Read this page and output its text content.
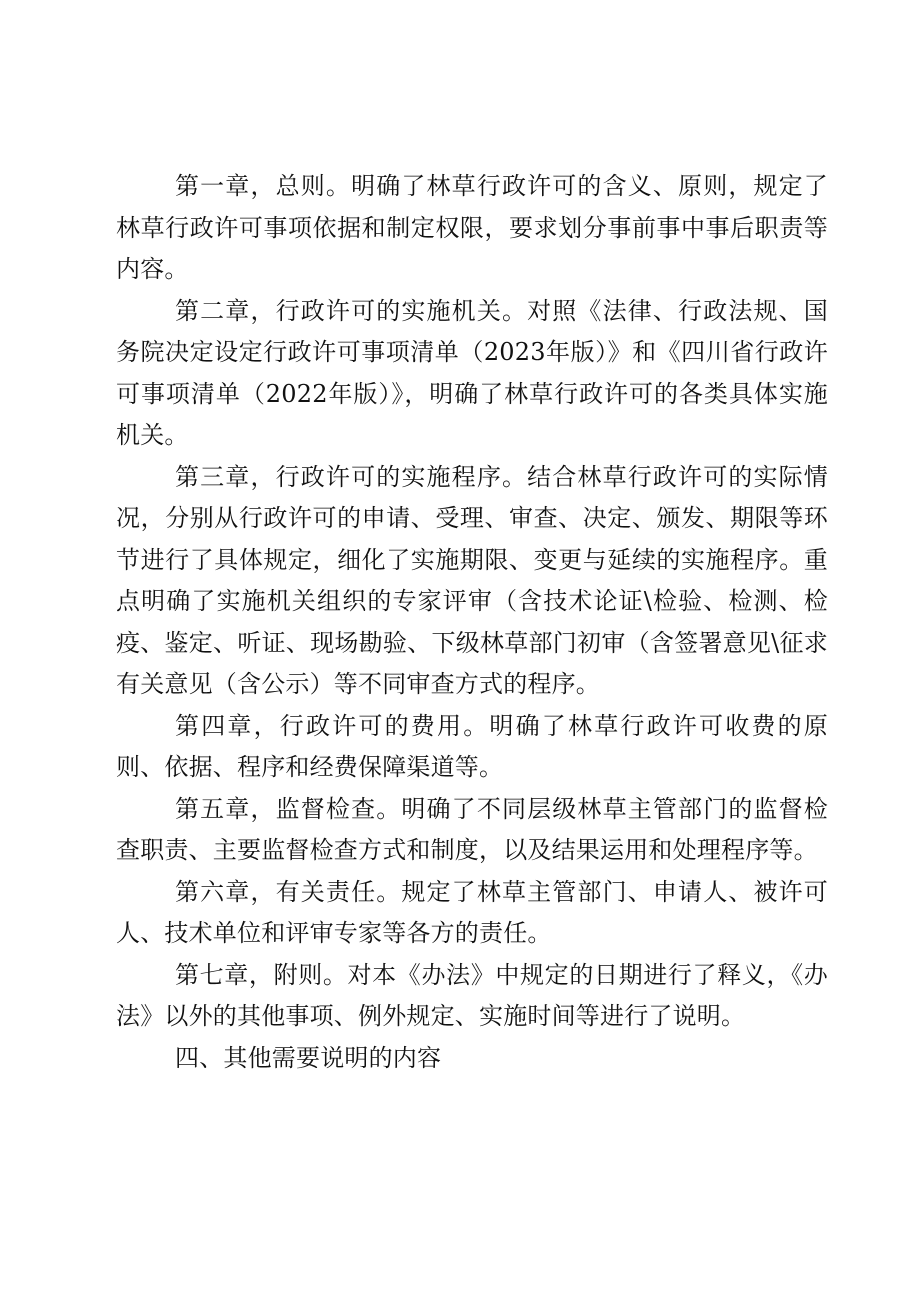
第一章，总则。明确了林草行政许可的含义、原则，规定了林草行政许可事项依据和制定权限，要求划分事前事中事后职责等内容。

第二章，行政许可的实施机关。对照《法律、行政法规、国务院决定设定行政许可事项清单（2023年版）》和《四川省行政许可事项清单（2022年版）》，明确了林草行政许可的各类具体实施机关。

第三章，行政许可的实施程序。结合林草行政许可的实际情况，分别从行政许可的申请、受理、审查、决定、颁发、期限等环节进行了具体规定，细化了实施期限、变更与延续的实施程序。重点明确了实施机关组织的专家评审（含技术论证\检验、检测、检疫、鉴定、听证、现场勘验、下级林草部门初审（含签署意见\征求有关意见（含公示）等不同审查方式的程序。

第四章，行政许可的费用。明确了林草行政许可收费的原则、依据、程序和经费保障渠道等。

第五章，监督检查。明确了不同层级林草主管部门的监督检查职责、主要监督检查方式和制度，以及结果运用和处理程序等。

第六章，有关责任。规定了林草主管部门、申请人、被许可人、技术单位和评审专家等各方的责任。

第七章，附则。对本《办法》中规定的日期进行了释义，《办法》以外的其他事项、例外规定、实施时间等进行了说明。

四、其他需要说明的内容
